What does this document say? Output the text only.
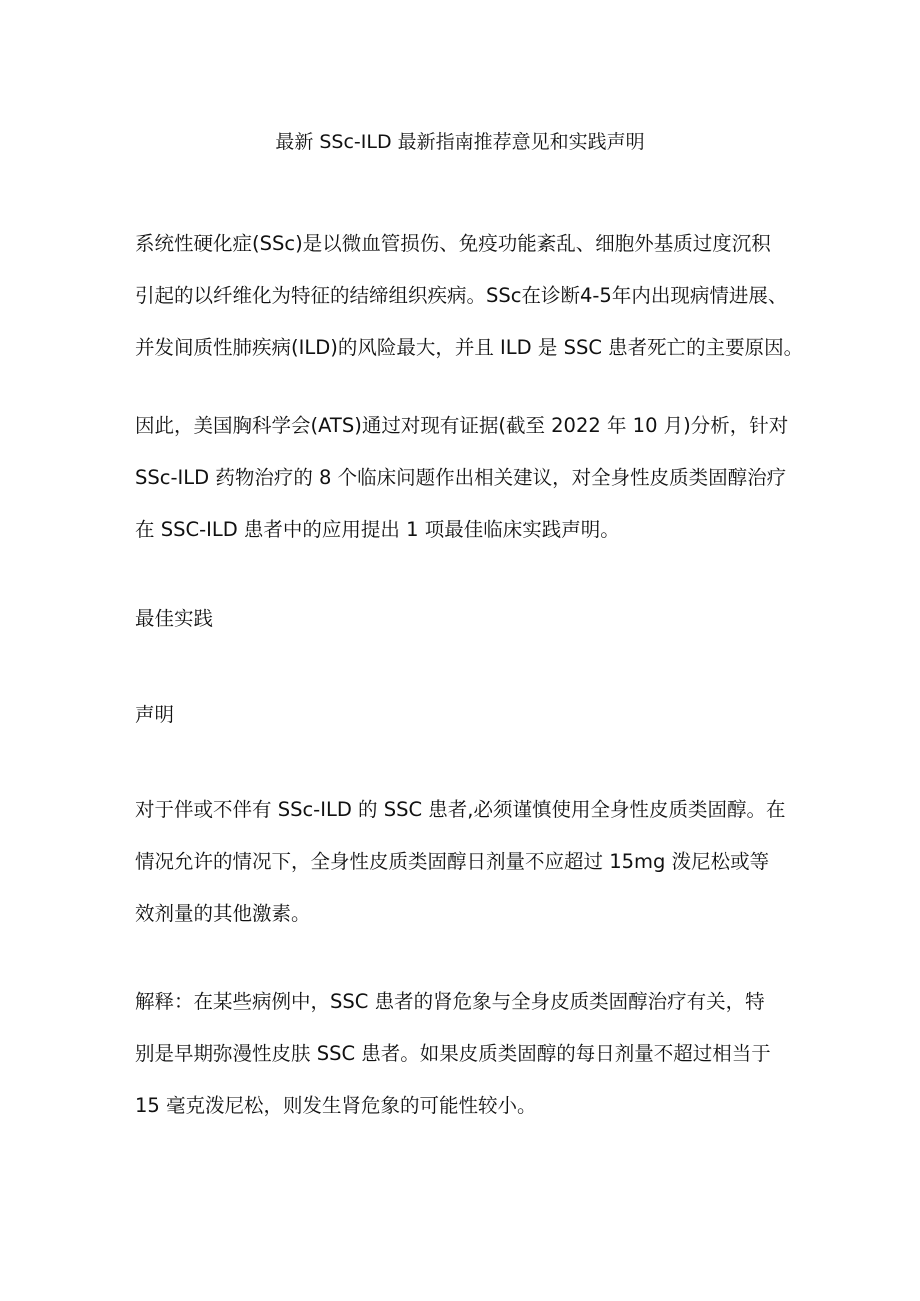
最新 SSc-ILD 最新指南推荐意见和实践声明

系统性硬化症(SSc)是以微血管损伤、免疫功能紊乱、细胞外基质过度沉积
引起的以纤维化为特征的结缔组织疾病。SSc在诊断4-5年内出现病情进展、
并发间质性肺疾病(ILD)的风险最大，并且 ILD 是 SSC 患者死亡的主要原因。

因此，美国胸科学会(ATS)通过对现有证据(截至 2022 年 10 月)分析，针对
SSc-ILD 药物治疗的 8 个临床问题作出相关建议，对全身性皮质类固醇治疗
在 SSC-ILD 患者中的应用提出 1 项最佳临床实践声明。

最佳实践
声明

对于伴或不伴有 SSc-ILD 的 SSC 患者,必须谨慎使用全身性皮质类固醇。在
情况允许的情况下，全身性皮质类固醇日剂量不应超过 15mg 泼尼松或等
效剂量的其他激素。

解释：在某些病例中，SSC 患者的肾危象与全身皮质类固醇治疗有关，特
别是早期弥漫性皮肤 SSC 患者。如果皮质类固醇的每日剂量不超过相当于
15 毫克泼尼松，则发生肾危象的可能性较小。
